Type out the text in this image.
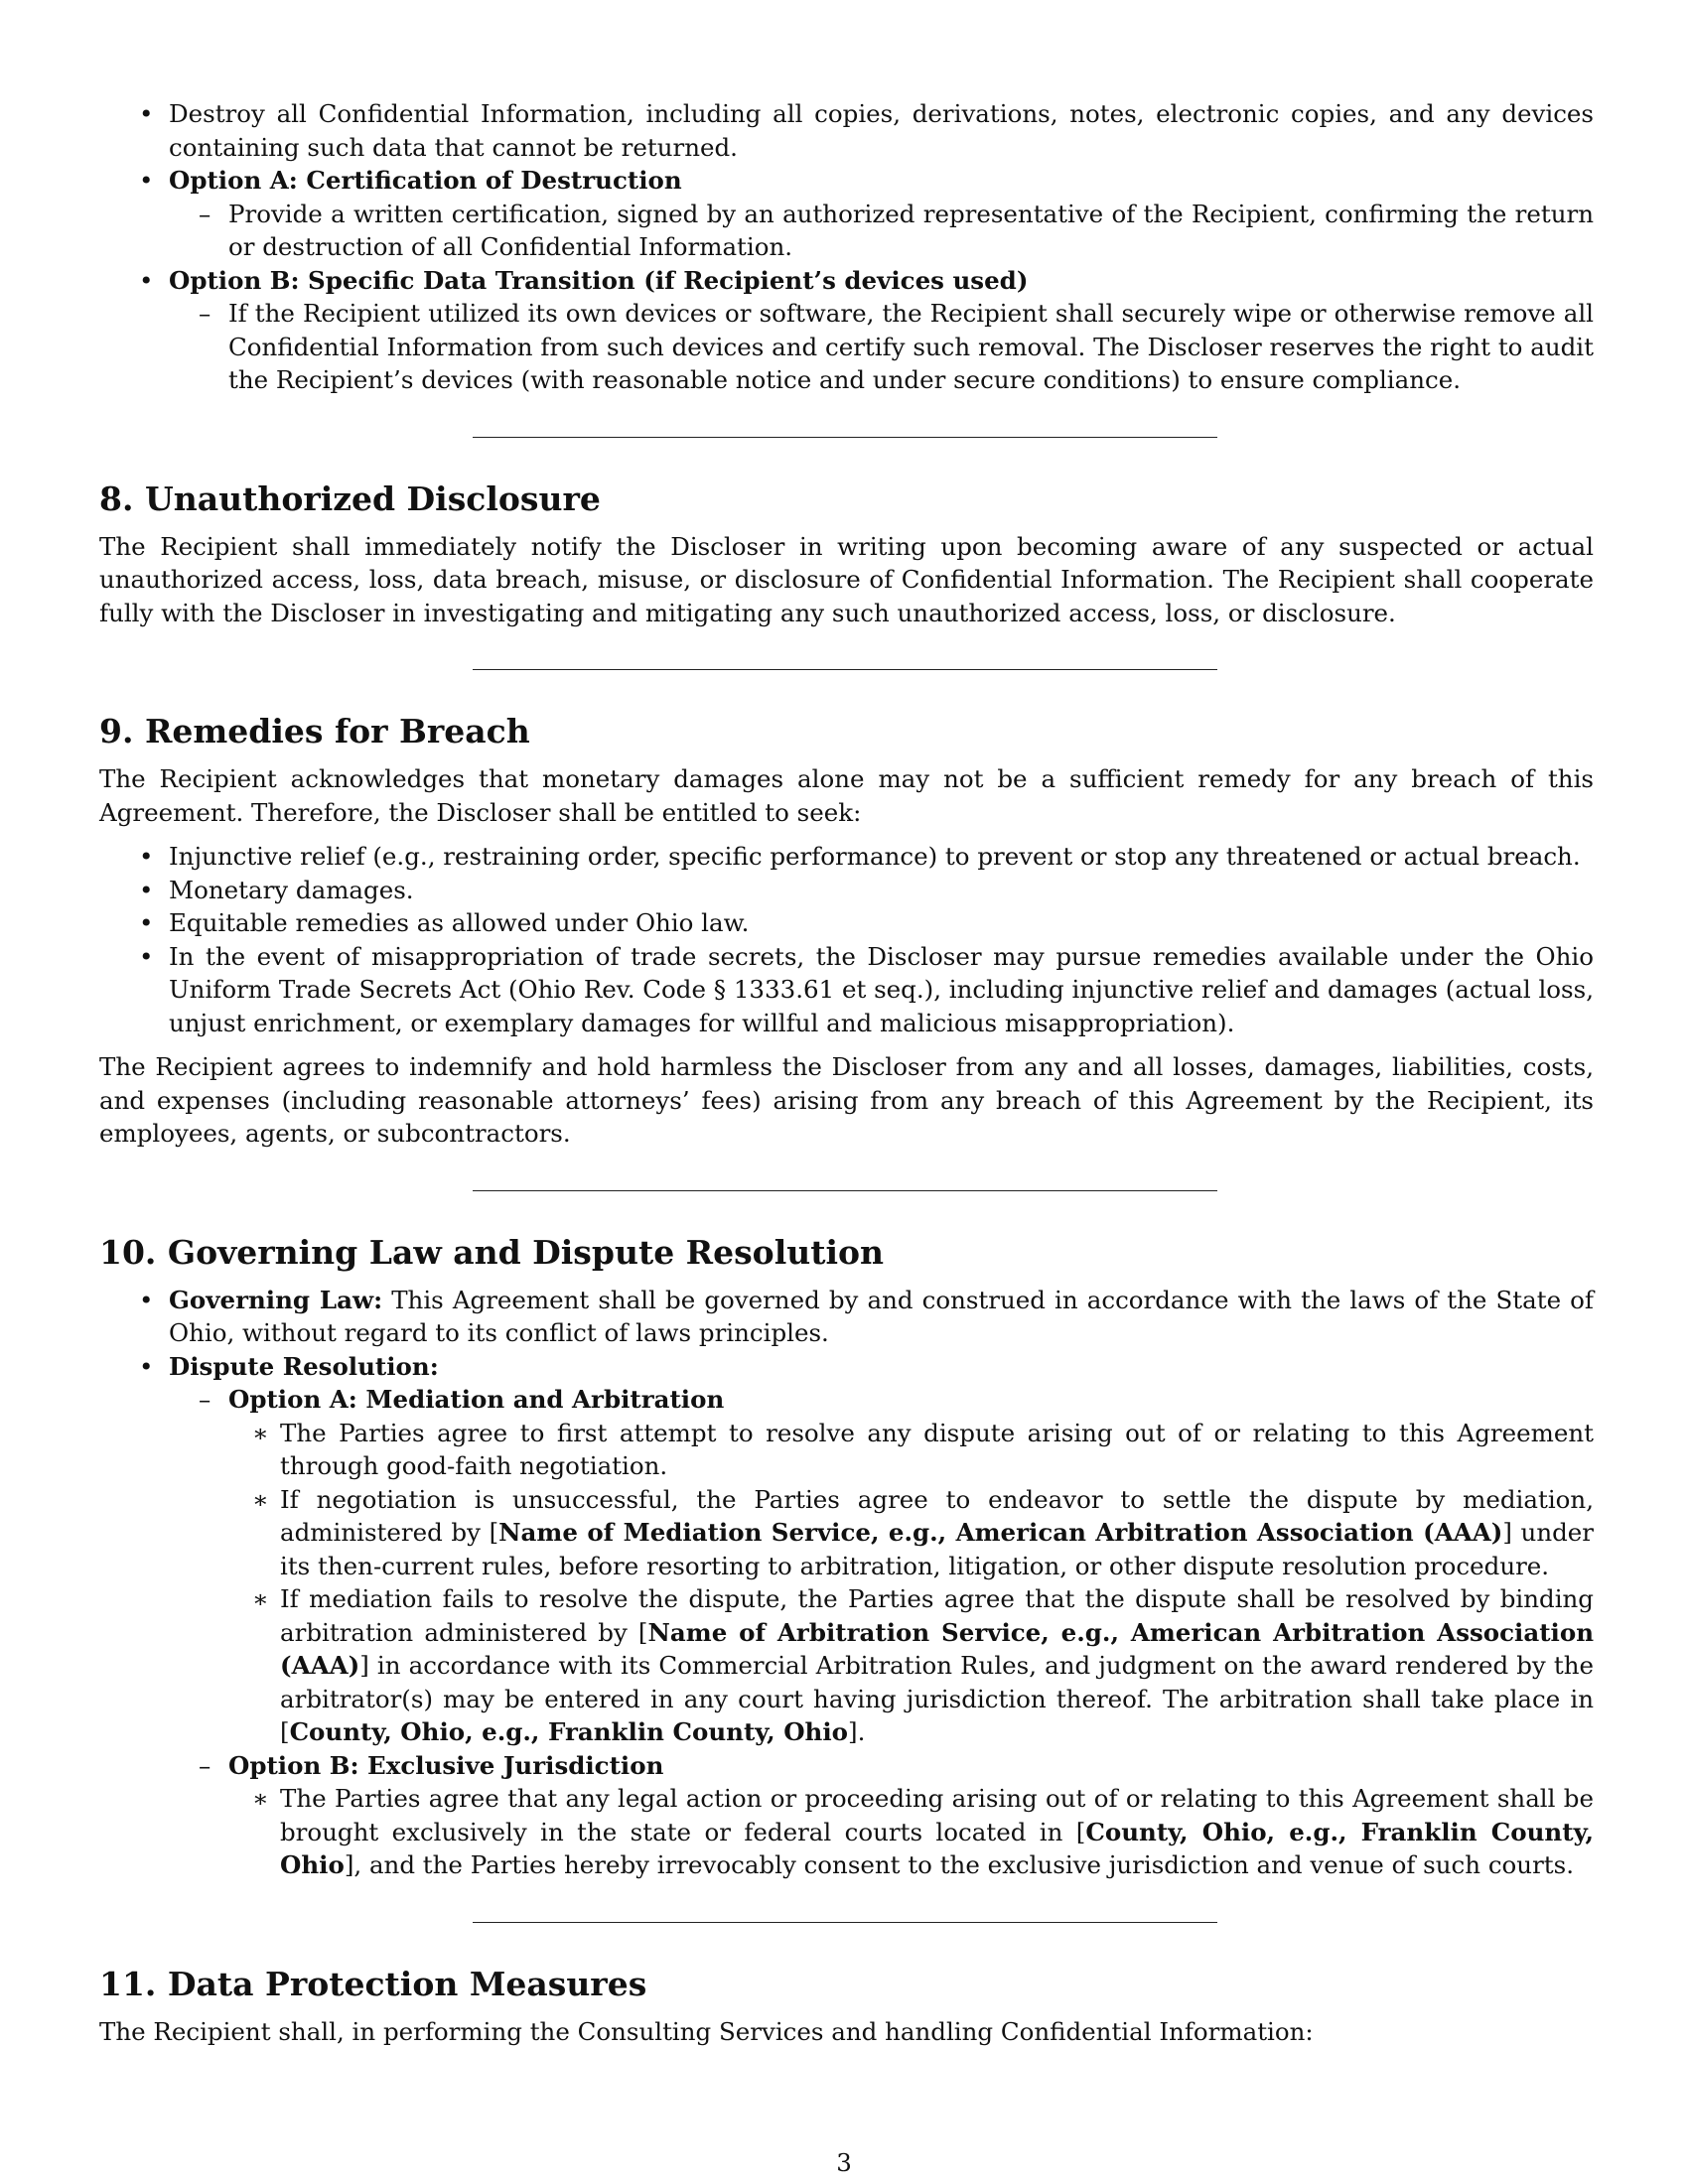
• Destroy all Confidential Information, including all copies, derivations, notes, electronic copies, and any devices containing such data that cannot be returned.
• Option A: Certification of Destruction
– Provide a written certification, signed by an authorized representative of the Recipient, confirming the return or destruction of all Confidential Information.
• Option B: Specific Data Transition (if Recipient’s devices used)
– If the Recipient utilized its own devices or software, the Recipient shall securely wipe or otherwise remove all Confidential Information from such devices and certify such removal. The Discloser reserves the right to audit the Recipient’s devices (with reasonable notice and under secure conditions) to ensure compliance.
8. Unauthorized Disclosure

The Recipient shall immediately notify the Discloser in writing upon becoming aware of any suspected or actual unauthorized access, loss, data breach, misuse, or disclosure of Confidential Information. The Recipient shall cooperate fully with the Discloser in investigating and mitigating any such unauthorized access, loss, or disclosure.

9. Remedies for Breach

The Recipient acknowledges that monetary damages alone may not be a sufficient remedy for any breach of this Agreement. Therefore, the Discloser shall be entitled to seek:

• Injunctive relief (e.g., restraining order, specific performance) to prevent or stop any threatened or actual breach.
• Monetary damages.
• Equitable remedies as allowed under Ohio law.
• In the event of misappropriation of trade secrets, the Discloser may pursue remedies available under the Ohio Uniform Trade Secrets Act (Ohio Rev. Code § 1333.61 et seq.), including injunctive relief and damages (actual loss, unjust enrichment, or exemplary damages for willful and malicious misappropriation).

The Recipient agrees to indemnify and hold harmless the Discloser from any and all losses, damages, liabilities, costs, and expenses (including reasonable attorneys’ fees) arising from any breach of this Agreement by the Recipient, its employees, agents, or subcontractors.

10. Governing Law and Dispute Resolution
• Governing Law: This Agreement shall be governed by and construed in accordance with the laws of the State of Ohio, without regard to its conflict of laws principles.
• Dispute Resolution:
– Option A: Mediation and Arbitration
∗ The Parties agree to first attempt to resolve any dispute arising out of or relating to this Agreement through good-faith negotiation.
∗ If negotiation is unsuccessful, the Parties agree to endeavor to settle the dispute by mediation, administered by [Name of Mediation Service, e.g., American Arbitration Association (AAA)] under its then-current rules, before resorting to arbitration, litigation, or other dispute resolution procedure.
∗ If mediation fails to resolve the dispute, the Parties agree that the dispute shall be resolved by binding arbitration administered by [Name of Arbitration Service, e.g., American Arbitration Association (AAA)] in accordance with its Commercial Arbitration Rules, and judgment on the award rendered by the arbitrator(s) may be entered in any court having jurisdiction thereof. The arbitration shall take place in [County, Ohio, e.g., Franklin County, Ohio].
– Option B: Exclusive Jurisdiction
∗ The Parties agree that any legal action or proceeding arising out of or relating to this Agreement shall be brought exclusively in the state or federal courts located in [County, Ohio, e.g., Franklin County, Ohio], and the Parties hereby irrevocably consent to the exclusive jurisdiction and venue of such courts.
11. Data Protection Measures

The Recipient shall, in performing the Consulting Services and handling Confidential Information:

3
